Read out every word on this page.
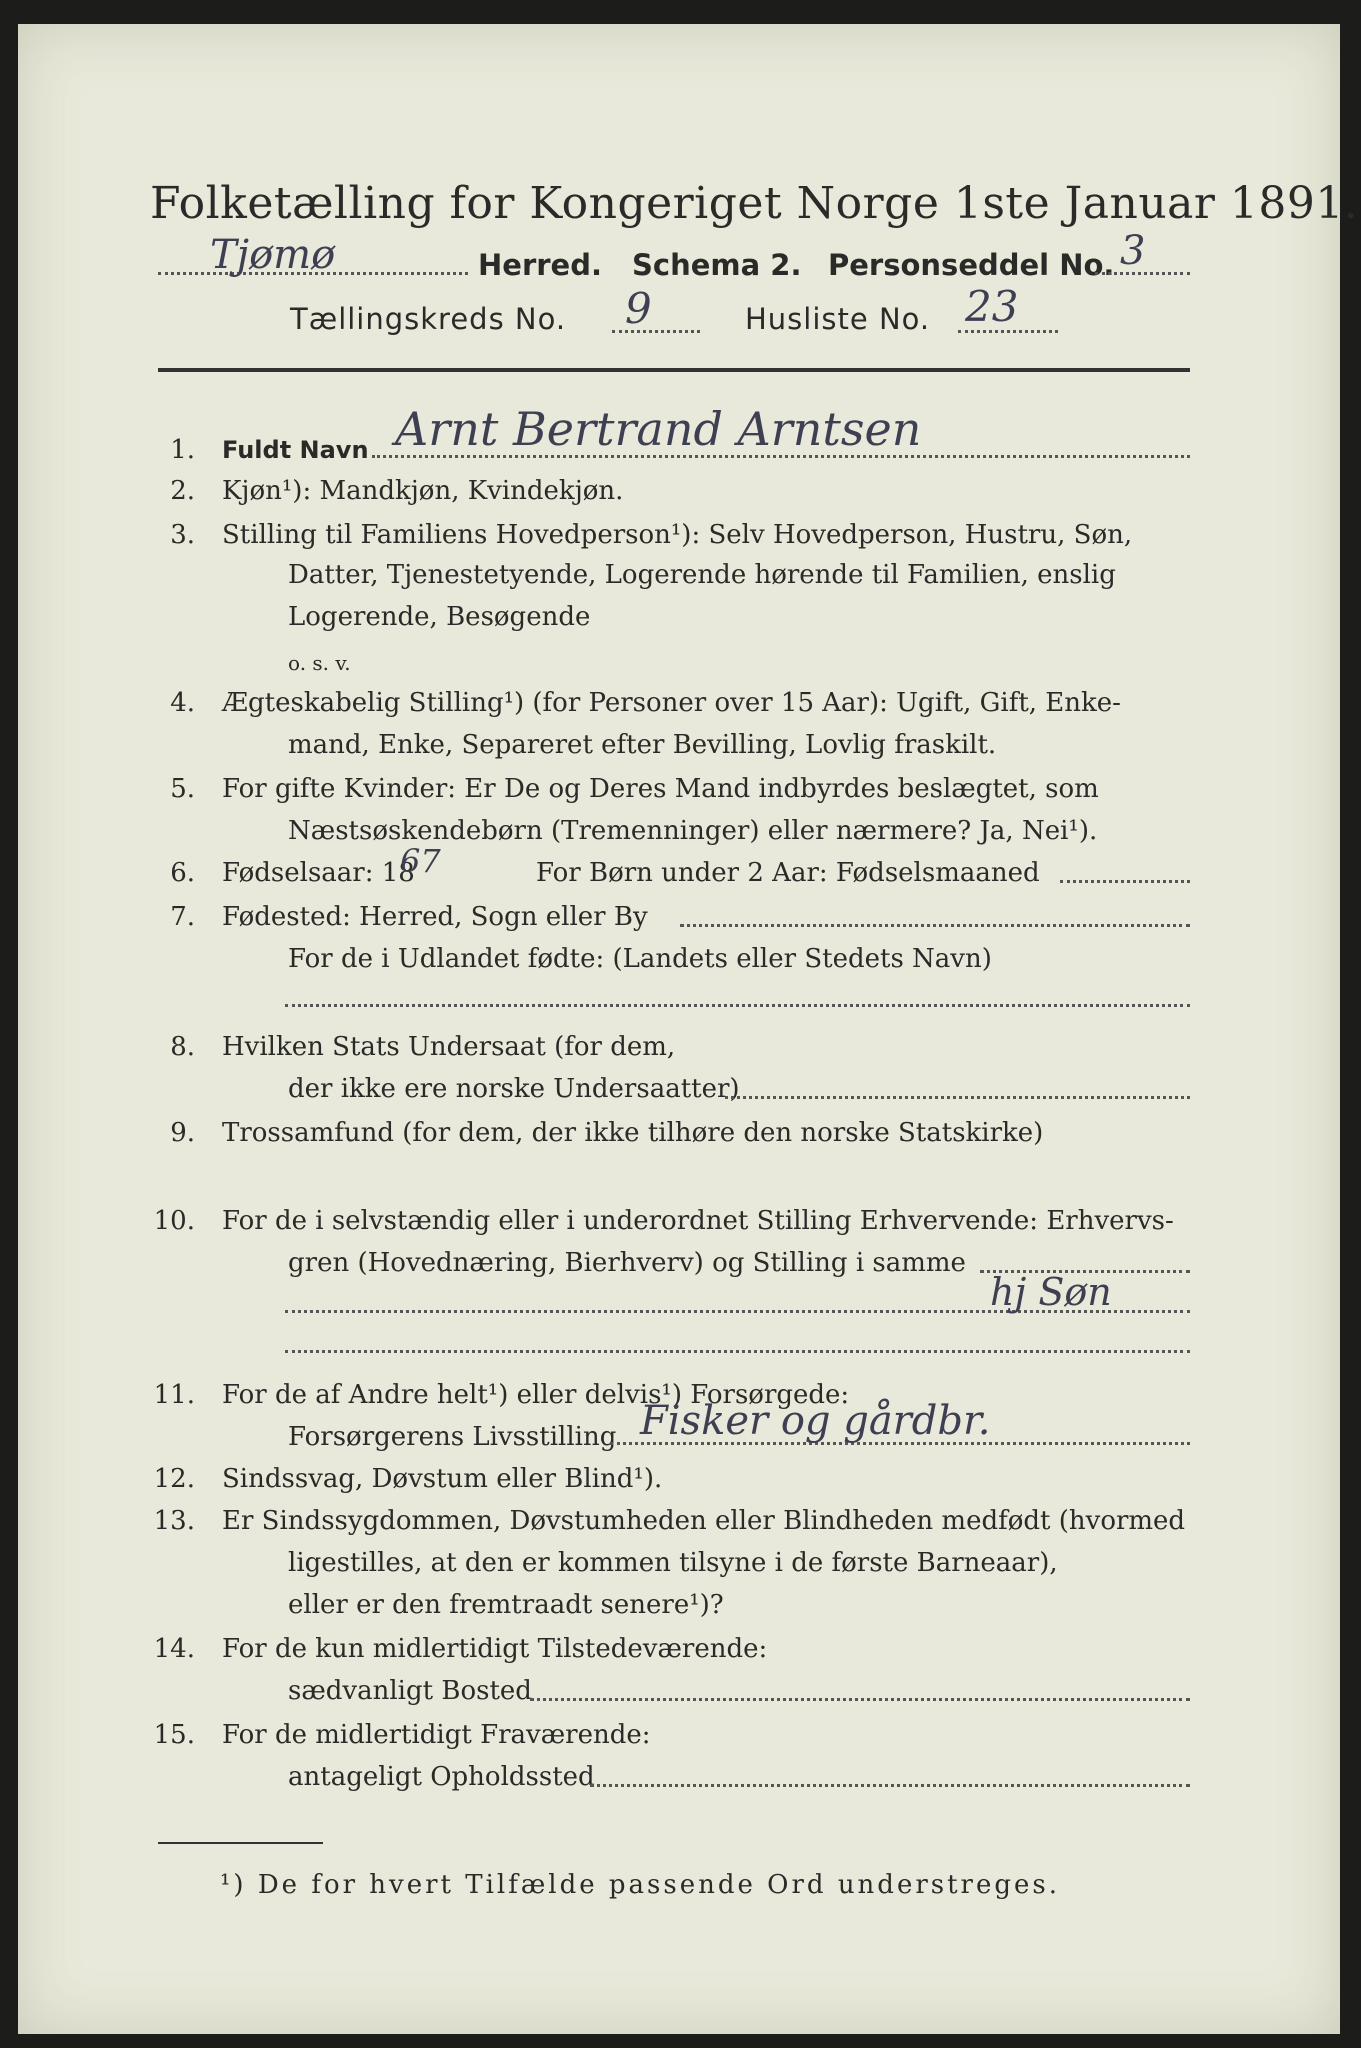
Folketælling for Kongeriget Norge 1ste Januar 1891.
Tjømø	Herred. Schema 2. Personseddel No. 3
Tællingskreds No. 9	Husliste No. 23
1. Fuldt Navn Arnt Bertrand Arntsen
2. Kjøn¹): Mandkjøn, Kvindekjøn.
3. Stilling til Familiens Hovedperson¹): Selv Hovedperson, Hustru, Søn,
Datter, Tjenestetyende, Logerende hørende til Familien, enslig
Logerende, Besøgende
o. s. v.
4. Ægteskabelig Stilling¹) (for Personer over 15 Aar): Ugift, Gift, Enke-
mand, Enke, Separeret efter Bevilling, Lovlig fraskilt.
5. For gifte Kvinder: Er De og Deres Mand indbyrdes beslægtet, som
Næstsøskendebørn (Tremenninger) eller nærmere? Ja, Nei¹).
6. Fødselsaar: 18
67	For Børn under 2 Aar: Fødselsmaaned
7. Fødested: Herred, Sogn eller By
For de i Udlandet fødte: (Landets eller Stedets Navn)
8. Hvilken Stats Undersaat (for dem,
der ikke ere norske Undersaatter)
9. Trossamfund (for dem, der ikke tilhøre den norske Statskirke)
10. For de i selvstændig eller i underordnet Stilling Erhvervende: Erhvervs-
gren (Hovednæring, Bierhverv) og Stilling i samme
hj Søn
11. For de af Andre helt¹) eller delvis¹) Forsørgede:
Forsørgerens Livsstilling Fisker og gårdbr.
12. Sindssvag, Døvstum eller Blind¹).
13. Er Sindssygdommen, Døvstumheden eller Blindheden medfødt (hvormed
ligestilles, at den er kommen tilsyne i de første Barneaar),
eller er den fremtraadt senere¹)?
14. For de kun midlertidigt Tilstedeværende:
sædvanligt Bosted
15. For de midlertidigt Fraværende:
antageligt Opholdssted
¹) De for hvert Tilfælde passende Ord understreges.
